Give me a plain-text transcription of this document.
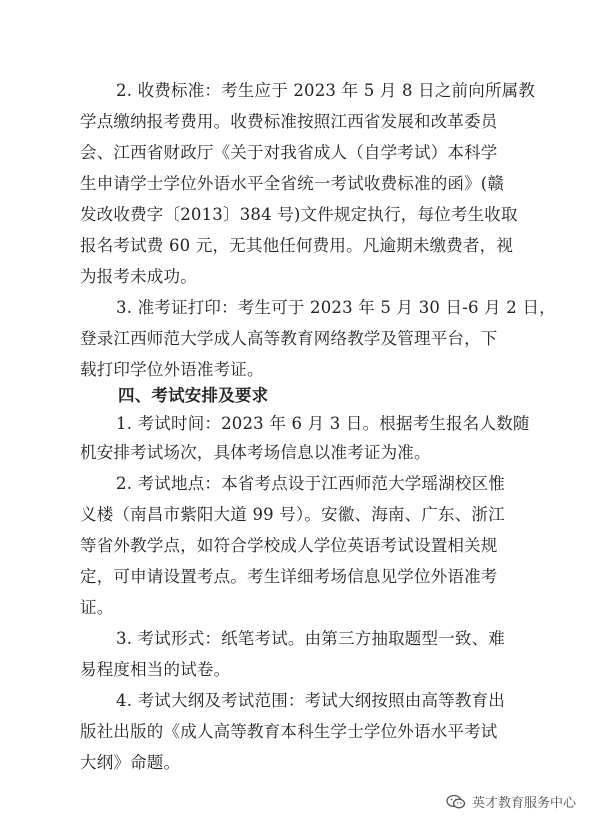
2. 收费标准：考生应于 2023 年 5 月 8 日之前向所属教
学点缴纳报考费用。收费标准按照江西省发展和改革委员
会、江西省财政厅《关于对我省成人（自学考试）本科学
生申请学士学位外语水平全省统一考试收费标准的函》(赣
发改收费字〔2013〕384 号)文件规定执行，每位考生收取
报名考试费 60 元，无其他任何费用。凡逾期未缴费者，视
为报考未成功。
3. 准考证打印：考生可于 2023 年 5 月 30 日-6 月 2 日，
登录江西师范大学成人高等教育网络教学及管理平台，下
载打印学位外语准考证。
四、考试安排及要求
1. 考试时间：2023 年 6 月 3 日。根据考生报名人数随
机安排考试场次，具体考场信息以准考证为准。
2. 考试地点：本省考点设于江西师范大学瑶湖校区惟
义楼（南昌市紫阳大道 99 号）。安徽、海南、广东、浙江
等省外教学点，如符合学校成人学位英语考试设置相关规
定，可申请设置考点。考生详细考场信息见学位外语准考
证。
3. 考试形式：纸笔考试。由第三方抽取题型一致、难
易程度相当的试卷。
4. 考试大纲及考试范围：考试大纲按照由高等教育出
版社出版的《成人高等教育本科生学士学位外语水平考试
大纲》命题。
英才教育服务中心
